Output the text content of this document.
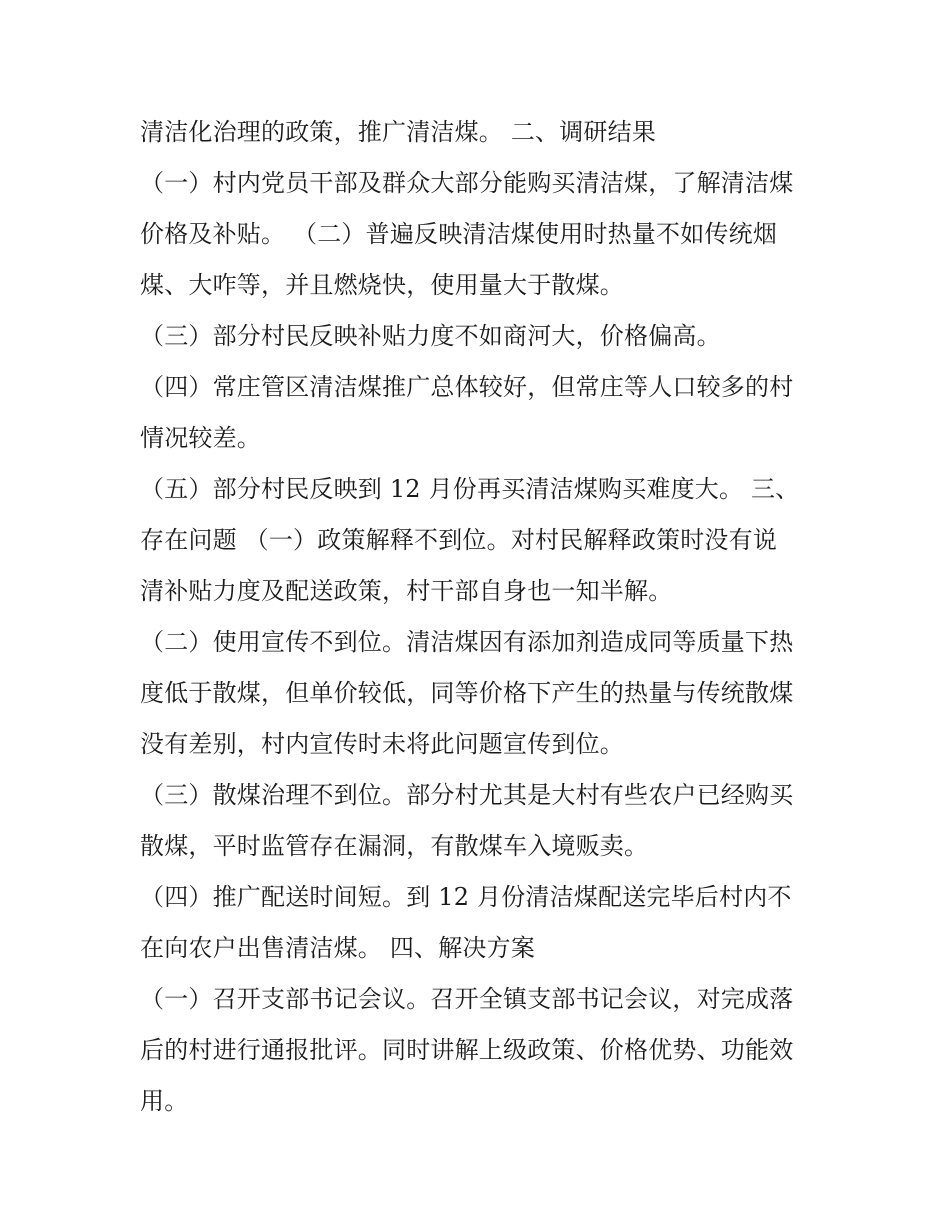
清洁化治理的政策，推广清洁煤。 二、调研结果
（一）村内党员干部及群众大部分能购买清洁煤，了解清洁煤
价格及补贴。 （二）普遍反映清洁煤使用时热量不如传统烟
煤、大咋等，并且燃烧快，使用量大于散煤。
（三）部分村民反映补贴力度不如商河大，价格偏高。
（四）常庄管区清洁煤推广总体较好，但常庄等人口较多的村
情况较差。
（五）部分村民反映到 12 月份再买清洁煤购买难度大。 三、
存在问题 （一）政策解释不到位。对村民解释政策时没有说
清补贴力度及配送政策，村干部自身也一知半解。
（二）使用宣传不到位。清洁煤因有添加剂造成同等质量下热
度低于散煤，但单价较低，同等价格下产生的热量与传统散煤
没有差别，村内宣传时未将此问题宣传到位。
（三）散煤治理不到位。部分村尤其是大村有些农户已经购买
散煤，平时监管存在漏洞，有散煤车入境贩卖。
（四）推广配送时间短。到 12 月份清洁煤配送完毕后村内不
在向农户出售清洁煤。 四、解决方案
（一）召开支部书记会议。召开全镇支部书记会议，对完成落
后的村进行通报批评。同时讲解上级政策、价格优势、功能效
用。
